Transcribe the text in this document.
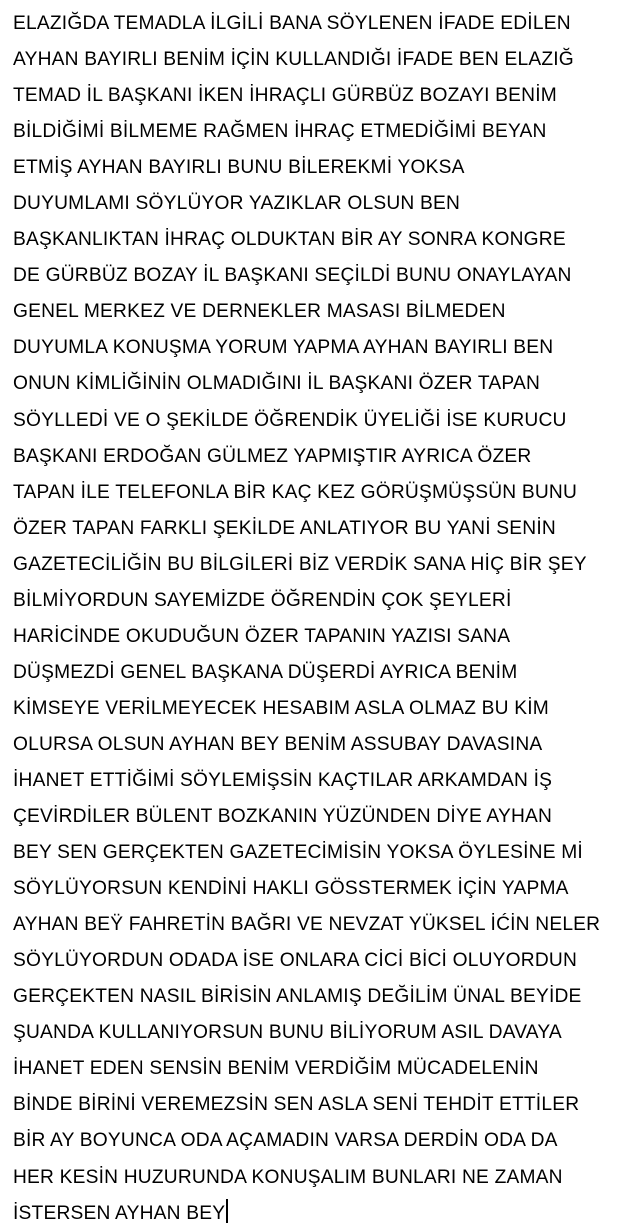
ELAZIĞDA TEMADLA İLGİLİ BANA SÖYLENEN İFADE EDİLEN
AYHAN BAYIRLI BENİM İÇİN KULLANDIĞI İFADE BEN ELAZIĞ
TEMAD İL BAŞKANI İKEN İHRAÇLI GÜRBÜZ BOZAYI BENİM
BİLDİĞİMİ BİLMEME RAĞMEN İHRAÇ ETMEDİĞİMİ BEYAN
ETMİŞ AYHAN BAYIRLI BUNU BİLEREKMİ YOKSA
DUYUMLAMI SÖYLÜYOR YAZIKLAR OLSUN BEN
BAŞKANLIKTAN İHRAÇ OLDUKTAN BİR AY SONRA KONGRE
DE GÜRBÜZ BOZAY İL BAŞKANI SEÇİLDİ BUNU ONAYLAYAN
GENEL MERKEZ VE DERNEKLER MASASI BİLMEDEN
DUYUMLA KONUŞMA YORUM YAPMA AYHAN BAYIRLI BEN
ONUN KİMLİĞİNİN OLMADIĞINI İL BAŞKANI ÖZER TAPAN
SÖYLLEDİ VE O ŞEKİLDE ÖĞRENDİK ÜYELİĞİ İSE KURUCU
BAŞKANI ERDOĞAN GÜLMEZ YAPMIŞTIR AYRICA ÖZER
TAPAN İLE TELEFONLA BİR KAÇ KEZ GÖRÜŞMÜŞSÜN BUNU
ÖZER TAPAN FARKLI ŞEKİLDE ANLATIYOR BU YANİ SENİN
GAZETECİLİĞİN BU BİLGİLERİ BİZ VERDİK SANA HİÇ BİR ŞEY
BİLMİYORDUN SAYEMİZDE ÖĞRENDİN ÇOK ŞEYLERİ
HARİCİNDE OKUDUĞUN ÖZER TAPANIN YAZISI SANA
DÜŞMEZDİ GENEL BAŞKANA DÜŞERDİ AYRICA BENİM
KİMSEYE VERİLMEYECEK HESABIM ASLA OLMAZ BU KİM
OLURSA OLSUN AYHAN BEY BENİM ASSUBAY DAVASINA
İHANET ETTİĞİMİ SÖYLEMİŞSİN KAÇTILAR ARKAMDAN İŞ
ÇEVİRDİLER BÜLENT BOZKANIN YÜZÜNDEN DİYE AYHAN
BEY SEN GERÇEKTEN GAZETECİMİSİN YOKSA ÖYLESİNE Mİ
SÖYLÜYORSUN KENDİNİ HAKLI GÖSSTERMEK İÇİN YAPMA
AYHAN BEŸ FAHRETİN BAĞRI VE NEVZAT YÜKSEL İĆİN NELER
SÖYLÜYORDUN ODADA İSE ONLARA CİCİ BİCİ OLUYORDUN
GERÇEKTEN NASIL BİRİSİN ANLAMIŞ DEĞİLİM ÜNAL BEYİDE
ŞUANDA KULLANIYORSUN BUNU BİLİYORUM ASIL DAVAYA
İHANET EDEN SENSİN BENİM VERDİĞİM MÜCADELENİN
BİNDE BİRİNİ VEREMEZSİN SEN ASLA SENİ TEHDİT ETTİLER
BİR AY BOYUNCA ODA AÇAMADIN VARSA DERDİN ODA DA
HER KESİN HUZURUNDA KONUŞALIM BUNLARI NE ZAMAN
İSTERSEN AYHAN BEY
